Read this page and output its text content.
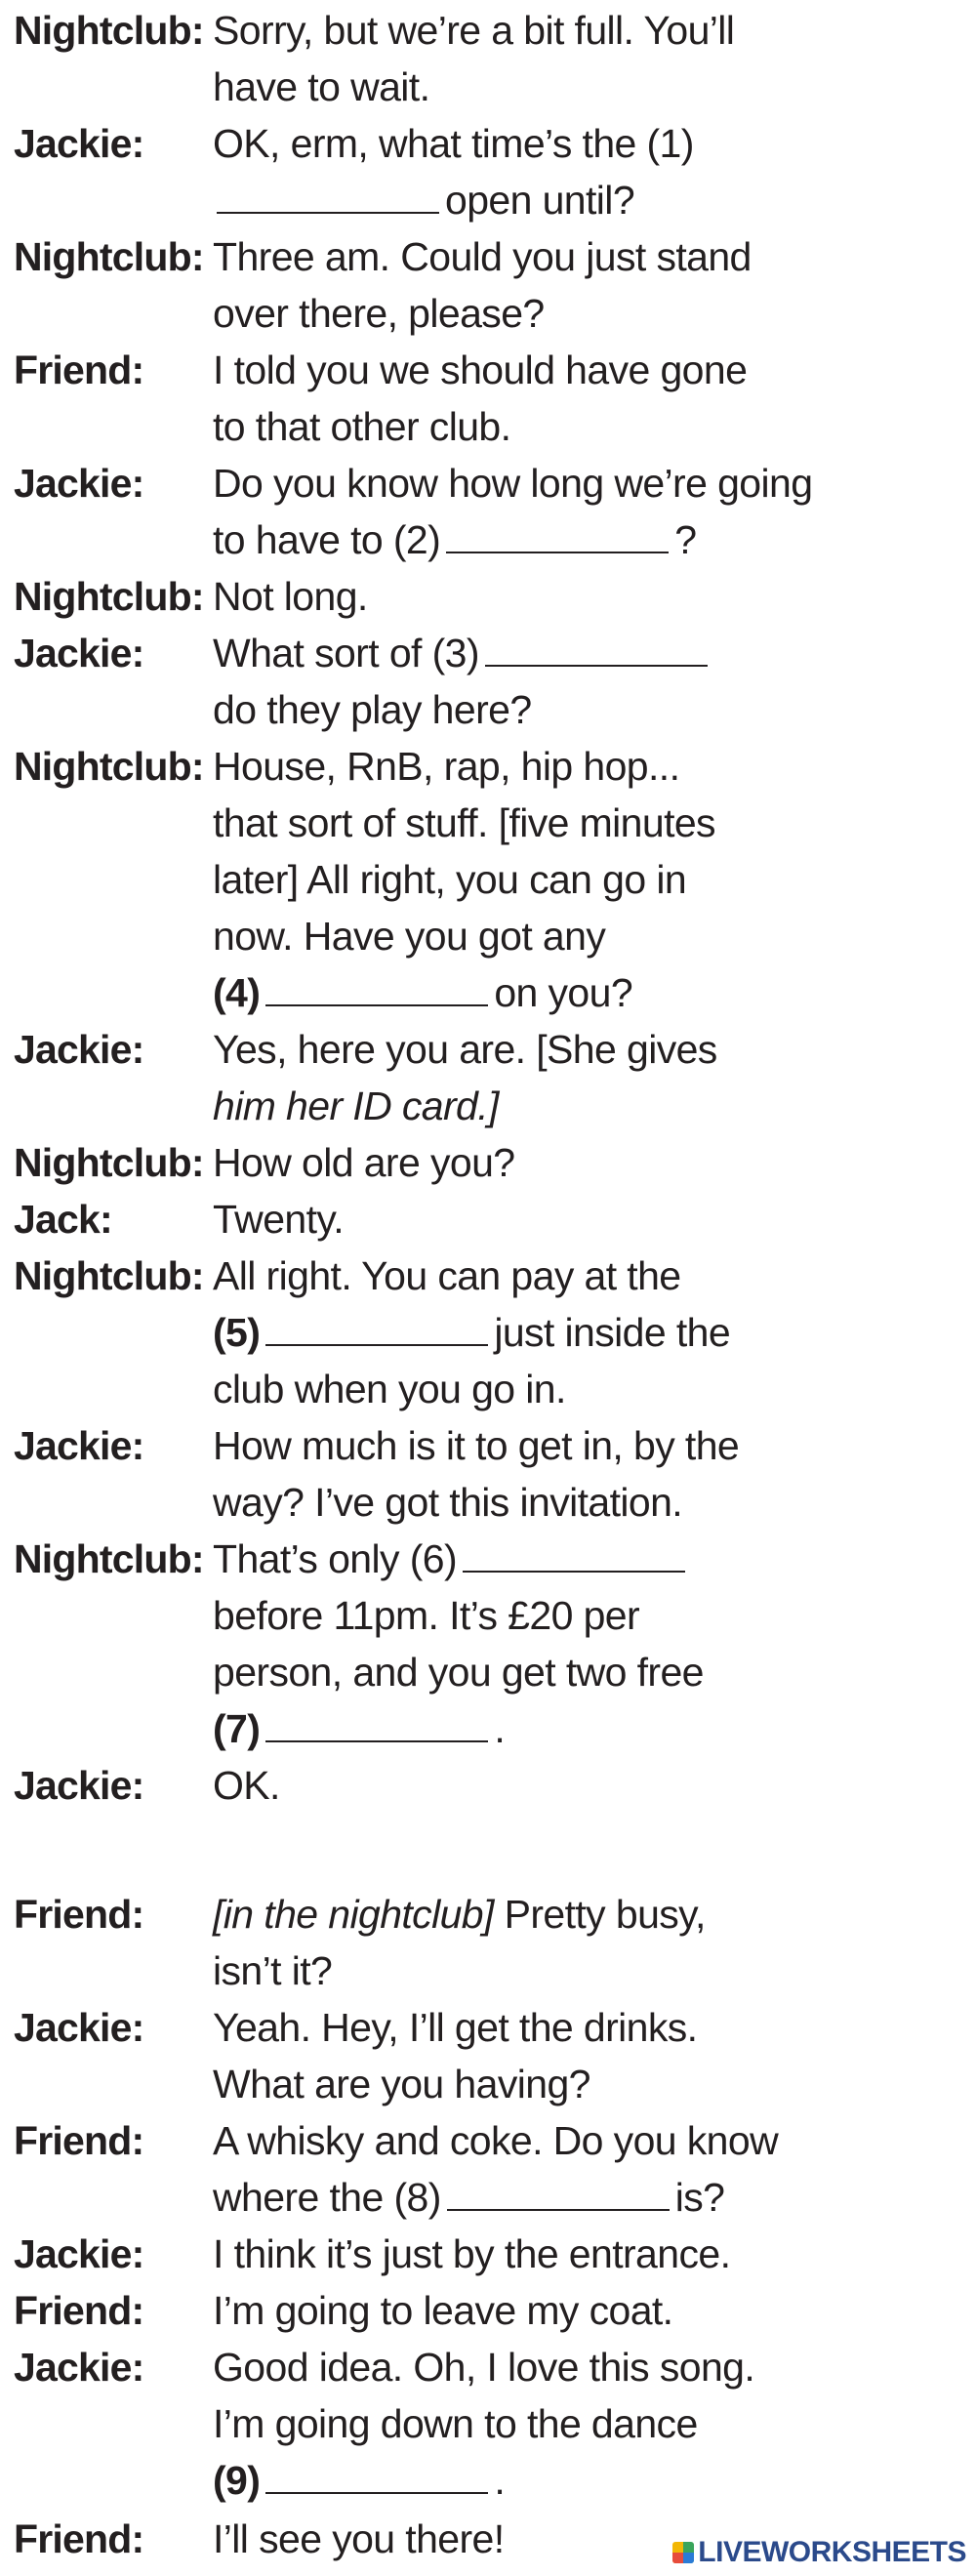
Nightclub: Sorry, but we’re a bit full. You’ll
have to wait.
Jackie: OK, erm, what time’s the (1)
open until?
Nightclub: Three am. Could you just stand
over there, please?
Friend: I told you we should have gone
to that other club.
Jackie: Do you know how long we’re going
to have to (2)	?
Nightclub: Not long.
Jackie: What sort of (3)
do they play here?
Nightclub: House, RnB, rap, hip hop...
that sort of stuff. [five minutes
later] All right, you can go in
now. Have you got any
(4)	on you?
Jackie: Yes, here you are. [She gives
him her ID card.]
Nightclub: How old are you?
Jack:	Twenty.
Nightclub: All right. You can pay at the
(5)	just inside the
club when you go in.
Jackie: How much is it to get in, by the
way? I’ve got this invitation.
Nightclub: That’s only (6)
before 11pm. It’s £20 per
person, and you get two free
(7)	.
Jackie: OK.
Friend: [in the nightclub] Pretty busy,
isn’t it?
Jackie: Yeah. Hey, I’ll get the drinks.
What are you having?
Friend: A whisky and coke. Do you know
where the (8)	is?
Jackie: I think it’s just by the entrance.
Friend: I’m going to leave my coat.
Jackie: Good idea. Oh, I love this song.
I’m going down to the dance
(9)	.
Friend: I’ll see you there!	LIVEWORKSHEETS
